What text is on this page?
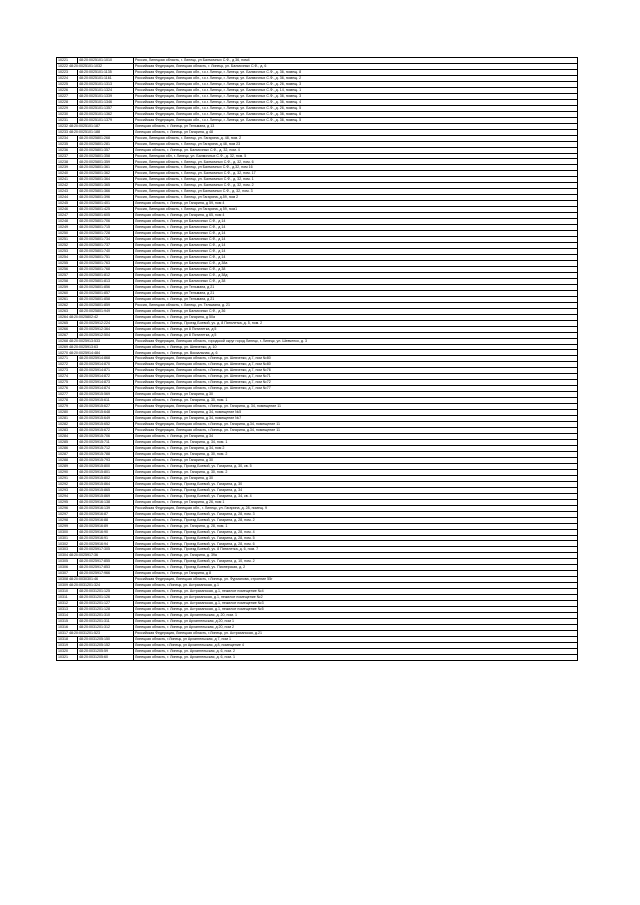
10221	48:20:0025101:1010	Россия, Липецкая область, г. Липецк, ул Балмочных С.Ф., д 36, пом4
10222 48:20:0025101:1032		Российская Федерация, Липецкая область, г. Липецк, ул. Балмочных С.Ф., д. 6
10223	48:20:0025101:1135	Российская Федерация, Липецкая обл., г.о.г. Липецк, г. Липецк, ул. Балмочных С.Ф., д. 36, помещ. 8
10224	48:20:0025101:1161	Российская Федерация, Липецкая обл., г.о.г. Липецк, г. Липецк, ул. Балмочных С.Ф., д. 36, помещ. 2
10225	48:20:0025101:1313	Российская Федерация, Липецкая обл., г.о.г. Липецк, г. Липецк, ул. Балмочных С.Ф., д. 26, помещ. 3
10226	48:20:0025101:1324	Российская Федерация, Липецкая обл., г.о.г. Липецк, г. Липецк, ул. Балмочных С.Ф., д. 14, помещ. 1
10227	48:20:0025101:1339	Российская Федерация, Липецкая обл., г.о.г. Липецк, г. Липецк, ул. Балмочных С.Ф., д. 36, помещ. 3
10228	48:20:0025101:1346	Российская Федерация, Липецкая обл., г.о.г. Липецк, г. Липецк, ул. Балмочных С.Ф., д. 36, помещ. 4
10229	48:20:0025101:1357	Российская Федерация, Липецкая обл., г.о.г. Липецк, г. Липецк, ул. Балмочных С.Ф., д. 26, помещ. 5
10230	48:20:0025101:1362	Российская Федерация, Липецкая обл., г.о.г. Липецк, г. Липецк, ул. Балмочных С.Ф., д. 36, помещ. 6
10231	48:20:0025101:1379	Российская Федерация, Липецкая обл., г.о.г. Липецк, г. Липецк, ул. Балмочных С.Ф., д. 36, помещ. 5
10232 48:20:0025101:187		Липецкая область, г. Липецк, ул Тельмана, д 13
10233 48:20:0025101:188		Липецкая область, г. Липецк, ул Гагарина, д 48
10234	48:20:0025801:268	Россия, Липецкая область, г. Липецк, ул. Гагарина, д. 48, пом. 2
10235	48:20:0025801:281	Россия, Липецкая область, г. Липецк, ул Гагарина, д 48, пом 23
10236	48:20:0025801:357	Липецкая область, г. Липецк, ул. Балмочных С.Ф., д. 32, пом. 4
10237	48:20:0025801:358	Россия, Липецкая обл, г. Липецк, ул. Балмочных С.Ф., д. 32, пом. 5
10238	48:20:0025801:359	Россия, Липецкая область, г. Липецк, ул. Балмочных С.Ф., д. 32, пом. 6
10239	48:20:0025801:361	Россия, Липецкая область, г. Липецк, ул Балмочных С.Ф., д.32, пом 16
10240	48:20:0025801:362	Россия, Липецкая область, г. Липецк, ул. Балмочных С.Ф., д. 32, пом. 17
10241	48:20:0025801:364	Россия, Липецкая область, г. Липецк, ул. Балмочных С.Ф., д. 32, пом. 1
10242	48:20:0025801:365	Россия, Липецкая область, г. Липецк, ул. Балмочных С.Ф., д. 32, пом. 2
10243	48:20:0025801:366	Россия, Липецкая область, г. Липецк, ул Балмочных С.Ф., д. 32, пом. 3
10244	48:20:0025801:396	Россия, Липецкая область, г. Липецк, ул Гагарина, д.59, пом 2
10245	48:20:0025801:401	Липецкая область, г. Липецк, ул Гагарина, д 59, пом 4
10246	48:20:0025801:425	Россия, Липецкая область, г. Липецк, ул Гагарина, д 59, пом1
10247	48:20:0025801:605	Липецкая область, г. Липецк, ул Гагарина, д 65, пом 4
10248	48:20:0025801:706	Липецкая область, г. Липецк, ул Балмочных С.Ф., д 14
10249	48:20:0025801:715	Липецкая область, г. Липецк, ул Балмочных С.Ф., д 14
10250	48:20:0025801:728	Липецкая область, г. Липецк, ул Балмочных С.Ф., д 14
10251	48:20:0025801:734	Липецкая область, г. Липецк, ул Балмочных С.Ф., д 14
10252	48:20:0025801:737	Липецкая область, г. Липецк, ул Балмочных С.Ф., д 14
10253	48:20:0025801:740	Липецкая область, г. Липецк, ул Балмочных С.Ф., д 14
10254	48:20:0025801:751	Липецкая область, г. Липецк, ул Балмочных С.Ф., д 14
10255	48:20:0025801:763	Липецкая область, г. Липецк, ул Балмочных С.Ф., д 38а
10256	48:20:0025801:768	Липецкая область, г. Липецк, ул Балмочных С.Ф., д 38
10257	48:20:0025801:812	Липецкая область, г. Липецк, ул Балмочных С.Ф., д 38д
10258	48:20:0025801:813	Липецкая область, г. Липецк, ул Балмочных С.Ф., д 38
10259	48:20:0025801:856	Липецкая область, г. Липецк, ул Тельмана, д 21
10260	48:20:0025801:857	Липецкая область, г. Липецк, ул Тельмана, д 21
10261	48:20:0025801:858	Липецкая область, г. Липецк, ул Тельмана, д 21
10262	48:20:0025801:859	Россия, Липецкая область, г. Липецк, ул. Тельмана, д. 21
10263	48:20:0025801:949	Липецкая область, г. Липецк, ул Балмочных С.Ф., д 36
10264 48:20:0025802:42		Липецкая область, г. Липецк, ул Гагарина, д 50а
10265	48:20:0025912:224	Липецкая область, г. Липецк, Проезд Боевой, уч. д. 8 Пятилетка, д. 5, пом. 2
10266	48:20:0025912:364	Липецкая область, г. Липецк, ул 8 Пятилетка, д 5
10267	48:20:0025912:504	Липецкая область, г. Липецк, ул 8 Пятилетка, д 5
10268 48:20:0025913:533		Российская Федерация, Липецкая область, городской округ город Липецк, г. Липецк, ул. Шевченко, д. 3
10269 48:20:0025913:63		Липецкая область, г. Липецк, ул. Шевченко, д. 10
10270 48:20:0025914:484		Липецкая область, г. Липецк, ул. Вокзальная, д. 6
10271	48:20:0025914:868	Российская Федерация, Липецкая область, г.Липецк, ул. Шевченко, д.7, пом №80
10272	48:20:0025914:870	Российская Федерация, Липецкая область, г.Липецк, ул. Шевченко, д.7, пом №80
10273	48:20:0025914:871	Российская Федерация, Липецкая область, г.Липецк, ул. Шевченко, д.7, пом №76
10274	48:20:0025914:872	Российская Федерация, Липецкая область, г.Липецк, ул. Шевченко, д.7, пом №71
10275	48:20:0025914:873	Российская Федерация, Липецкая область, г.Липецк, ул. Шевченко, д.7, пом №72
10276	48:20:0025914:874	Российская Федерация, Липецкая область, г.Липецк, ул. Шевченко, д.7, пом №77
10277	48:20:0025915:569	Липецкая область, г. Липецк, ул Гагарина, д 30
10278	48:20:0025915:611	Липецкая область, г. Липецк, ул. Гагарина, д. 30, пом. 1
10279	48:20:0025915:627	Российская Федерация, Липецкая область, г.Липецк, ул. Гагарина, д. 34, помещение 11
10280	48:20:0025915:648	Липецкая область, г. Липецк, ул Гагарина, д 34, помещение №5
10281	48:20:0025915:649	Липецкая область, г. Липецк, ул Гагарина, д 34, помещение №7
10282	48:20:0025915:652	Российская Федерация, Липецкая область, г.Липецк, ул. Гагарина, д.34, помещение 11
10283	48:20:0025915:672	Российская Федерация, Липецкая область, г.Липецк, ул. Гагарина, д.34, помещение 11
10284	48:20:0025915:706	Липецкая область, г. Липецк, ул Гагарина, д 34
10285	48:20:0025915:711	Липецкая область, г. Липецк, ул. Гагарина, д. 34, пом. 1
10286	48:20:0025915:712	Липецкая область, г. Липецк, ул Гагарина, д 34, пом 2
10287	48:20:0025915:788	Липецкая область, г. Липецк, ул. Гагарина, д. 30, пом. 2
10288	48:20:0025915:793	Липецкая область, г. Липецк, ул Гагарина, д 30
10289	48:20:0025915:800	Липецкая область, г. Липецк, Проезд Боевой, уч. Гагарина, д. 30, кв. 5
10290	48:20:0025915:801	Липецкая область, г. Липецк, ул. Гагарина, д. 30, пом. 2
10291	48:20:0025915:802	Липецкая область, г. Липецк, ул Гагарина, д 30
10292	48:20:0025915:864	Липецкая область, г. Липецк, Проезд Боевой, уч. Гагарина, д. 30
10293	48:20:0025915:865	Липецкая область, г. Липецк, Проезд Боевой, уч. Гагарина, д. 34
10294	48:20:0025915:869	Липецкая область, г. Липецк, Проезд Боевой, уч. Гагарина, д. 34, кв. 4
10295	48:20:0025916:138	Липецкая область, г. Липецк, ул Гагарина, д 26, пом 1
10296	48:20:0025916:139	Российская Федерация, Липецкая обл., г. Липецк, ул. Гагарина, д. 28, помещ. 9
10297	48:20:0025916:87	Липецкая область, г. Липецк, Проезд Боевой, уч. Гагарина, д. 28, пом. 3
10298	48:20:0025916:88	Липецкая область, г. Липецк, Проезд Боевой, уч. Гагарина, д. 28, пом. 2
10299	48:20:0025916:89	Липецкая область, г. Липецк, ул. Гагарина, д. 28, пом. 1
10300	48:20:0025916:90	Липецкая область, г. Липецк, Проезд Боевой, уч. Гагарина, д. 28, пом. 4
10301	48:20:0025916:91	Липецкая область, г. Липецк, Проезд Боевой, уч. Гагарина, д. 28, пом. 5
10302	48:20:0025916:94	Липецкая область, г. Липецк, Проезд Боевой, уч. Гагарина, д. 28, пом. 6
10303	48:20:0025917:305	Липецкая область, г. Липецк, Проезд Боевой, уч. 8 Пятилетка, д. 6, пом. 7
10304 48:20:0025917:36		Липецкая область, г. Липецк, ул. Гагарина, д. 39а
10305	48:20:0025917:855	Липецкая область, г. Липецк, Проезд Боевой, уч. Гагарина, д. 10, пом. 2
10306	48:20:0025917:853	Липецкая область, г. Липецк, Проезд Боевой, уч. Пионерская, д. 2
10307	48:20:0025917:966	Липецкая область, г. Липецк, ул Гагарина, д 8
10308 48:20:0030301:46		Российская Федерация, Липецкая область, г.Липецк, ул. Фурманова, строение 55г
10309 48:20:0031201:324		Липецкая область, г.Липецк, ул. Астраханская, д.1
10310	48:20:0031201:125	Липецкая область, г. Липецк, ул. Астраханская, д.1, нежилое помещение №4
10311	48:20:0031201:126	Липецкая область, г. Липецк, ул Астраханская, д.1, нежилое помещение №2
10312	48:20:0031201:127	Липецкая область, г. Липецк, ул. Астраханская, д.1, нежилое помещение №3
10313	48:20:0031201:128	Липецкая область, г. Липецк, ул. Астраханская, д.1, нежилое помещение №5
10314	48:20:0031201:310	Липецкая область, г. Липецк, ул. Архангельская, д. 20, пом. 1
10315	48:20:0031201:311	Липецкая область, г. Липецк, ул Архангельская, д 20, пом 1
10316	48:20:0031201:312	Липецкая область, г. Липецк, ул Архангельская, д 20, пом 2
10317 48:20:0031201:523		Российская Федерация, Липецкая область, г.Липецк, ул. Астраханская, д.21
10318	48:20:0031205:150	Липецкая область, г.Липецк, ул Архангельская, д 7, пом 1
10319	48:20:0031205:152	Липецкая область, г.Липецк, ул Архангельская, д 8, помещение 4
10320	48:20:0031205:59	Липецкая область, г. Липецк, ул. Архангельская, д. 6, пом. 2
10321	48:20:0031205:60	Липецкая область, г. Липецк, ул. Архангельская, д. 6, пом. 1
